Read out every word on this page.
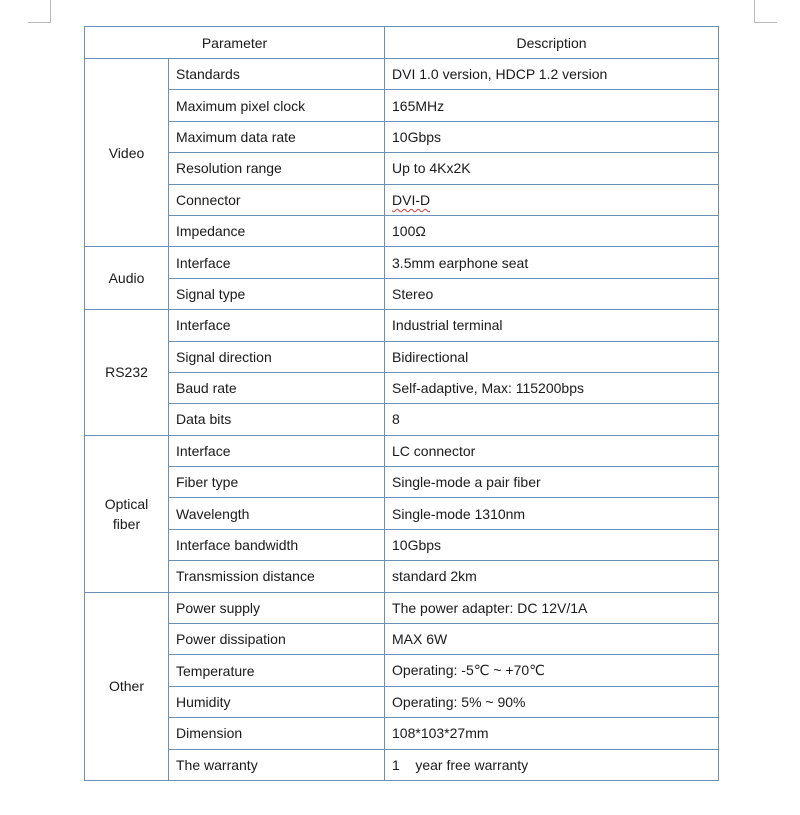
Parameter		Description
Video	Standards	DVI 1.0 version, HDCP 1.2 version
	Maximum pixel clock	165MHz
	Maximum data rate	10Gbps
	Resolution range	Up to 4Kx2K
	Connector	DVI-D
	Impedance	100Ω
Audio	Interface	3.5mm earphone seat
	Signal type	Stereo
RS232	Interface	Industrial terminal
	Signal direction	Bidirectional
	Baud rate	Self-adaptive, Max: 115200bps
	Data bits	8
Optical fiber	Interface	LC connector
	Fiber type	Single-mode a pair fiber
	Wavelength	Single-mode 1310nm
	Interface bandwidth	10Gbps
	Transmission distance	standard 2km
Other	Power supply	The power adapter: DC 12V/1A
	Power dissipation	MAX 6W
	Temperature	Operating: -5℃ ~ +70℃
	Humidity	Operating: 5% ~ 90%
	Dimension	108*103*27mm
	The warranty	1    year free warranty
